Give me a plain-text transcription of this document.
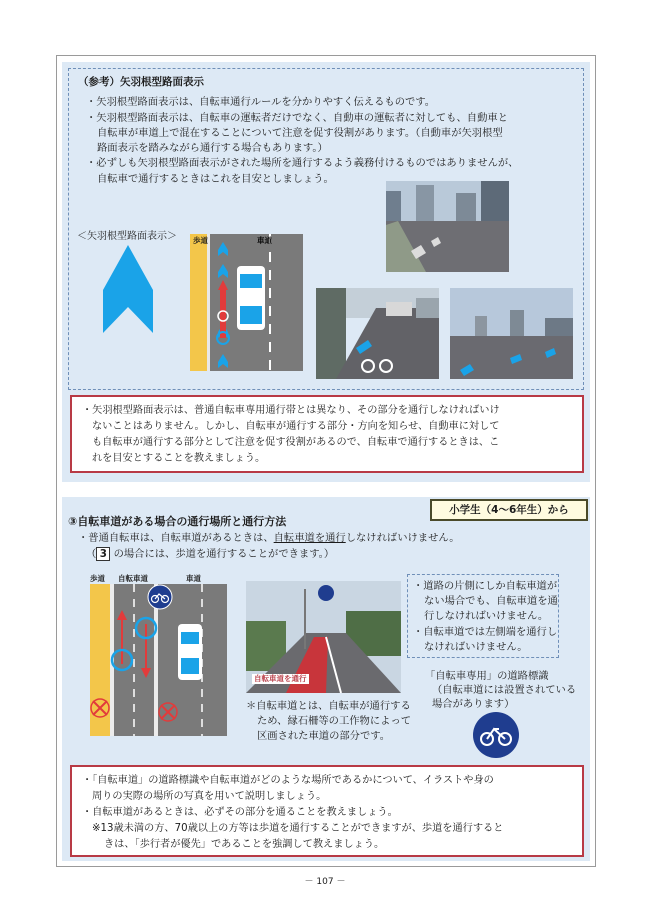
（参考）矢羽根型路面表示
・矢羽根型路面表示は、自転車通行ルールを分かりやすく伝えるものです。
・矢羽根型路面表示は、自転車の運転者だけでなく、自動車の運転者に対しても、自動車と
自転車が車道上で混在することについて注意を促す役割があります。（自動車が矢羽根型
路面表示を踏みながら通行する場合もあります。）
・必ずしも矢羽根型路面表示がされた場所を通行するよう義務付けるものではありませんが、
自転車で通行するときはこれを目安としましょう。
＜矢羽根型路面表示＞ 歩道	車道
・矢羽根型路面表示は、普通自転車専用通行帯とは異なり、その部分を通行しなければいけ
ないことはありません。しかし、自転車が通行する部分・方向を知らせ、自動車に対して
も自転車が通行する部分として注意を促す役割があるので、自転車で通行するときは、こ
れを目安とすることを教えましょう。
小学生（4～6年生）から
③自転車道がある場合の通行場所と通行方法
・普通自転車は、自転車道があるときは、自転車道を通行しなければいけません。
（ 3 の場合には、歩道を通行することができます。）
歩道 自転車道	車道
自転車道を通行
＊自転車道とは、自転車が通行する
ため、縁石柵等の工作物によって
区画された車道の部分です。
・道路の片側にしか自転車道が
ない場合でも、自転車道を通
行しなければいけません。
・自転車道では左側端を通行し
なければいけません。
「自転車専用」の道路標識
（自転車道には設置されている
場合があります）
・「自転車道」の道路標識や自転車道がどのような場所であるかについて、イラストや身の
周りの実際の場所の写真を用いて説明しましょう。
・自転車道があるときは、必ずその部分を通ることを教えましょう。
※13歳未満の方、70歳以上の方等は歩道を通行することができますが、歩道を通行すると
きは、「歩行者が優先」であることを強調して教えましょう。
－ 107 －
